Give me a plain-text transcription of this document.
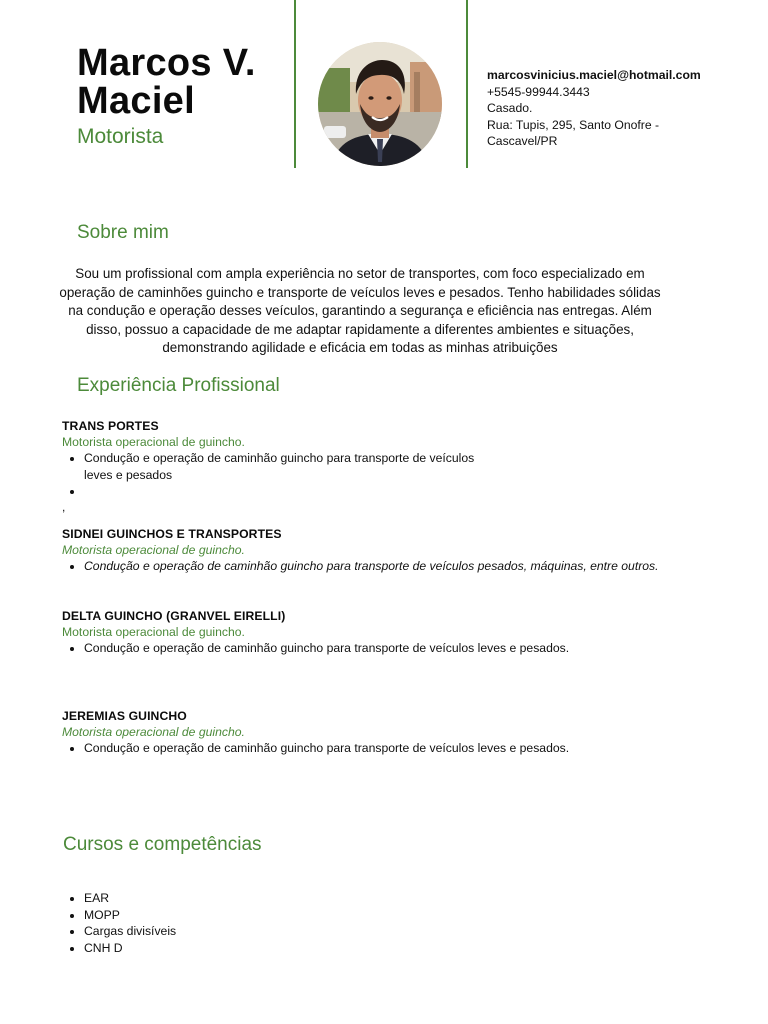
Marcos V.
Maciel
Motorista
marcosvinicius.maciel@hotmail.com
+5545-99944.3443
Casado.
Rua: Tupis, 295, Santo Onofre -
Cascavel/PR
Sobre mim
Sou um profissional com ampla experiência no setor de transportes, com foco especializado em operação de caminhões guincho e transporte de veículos leves e pesados. Tenho habilidades sólidas na condução e operação desses veículos, garantindo a segurança e eficiência nas entregas. Além disso, possuo a capacidade de me adaptar rapidamente a diferentes ambientes e situações, demonstrando agilidade e eficácia em todas as minhas atribuições
Experiência Profissional
TRANS PORTES
Motorista operacional de guincho.
• Condução e operação de caminhão guincho para transporte de veículos leves e pesados
•
,
SIDNEI GUINCHOS E TRANSPORTES
Motorista operacional de guincho.
• Condução e operação de caminhão guincho para transporte de veículos pesados, máquinas, entre outros.
DELTA GUINCHO (GRANVEL EIRELLI)
Motorista operacional de guincho.
• Condução e operação de caminhão guincho para transporte de veículos leves e pesados.
JEREMIAS GUINCHO
Motorista operacional de guincho.
• Condução e operação de caminhão guincho para transporte de veículos leves e pesados.
Cursos e competências
• EAR
• MOPP
• Cargas divisíveis
• CNH D
